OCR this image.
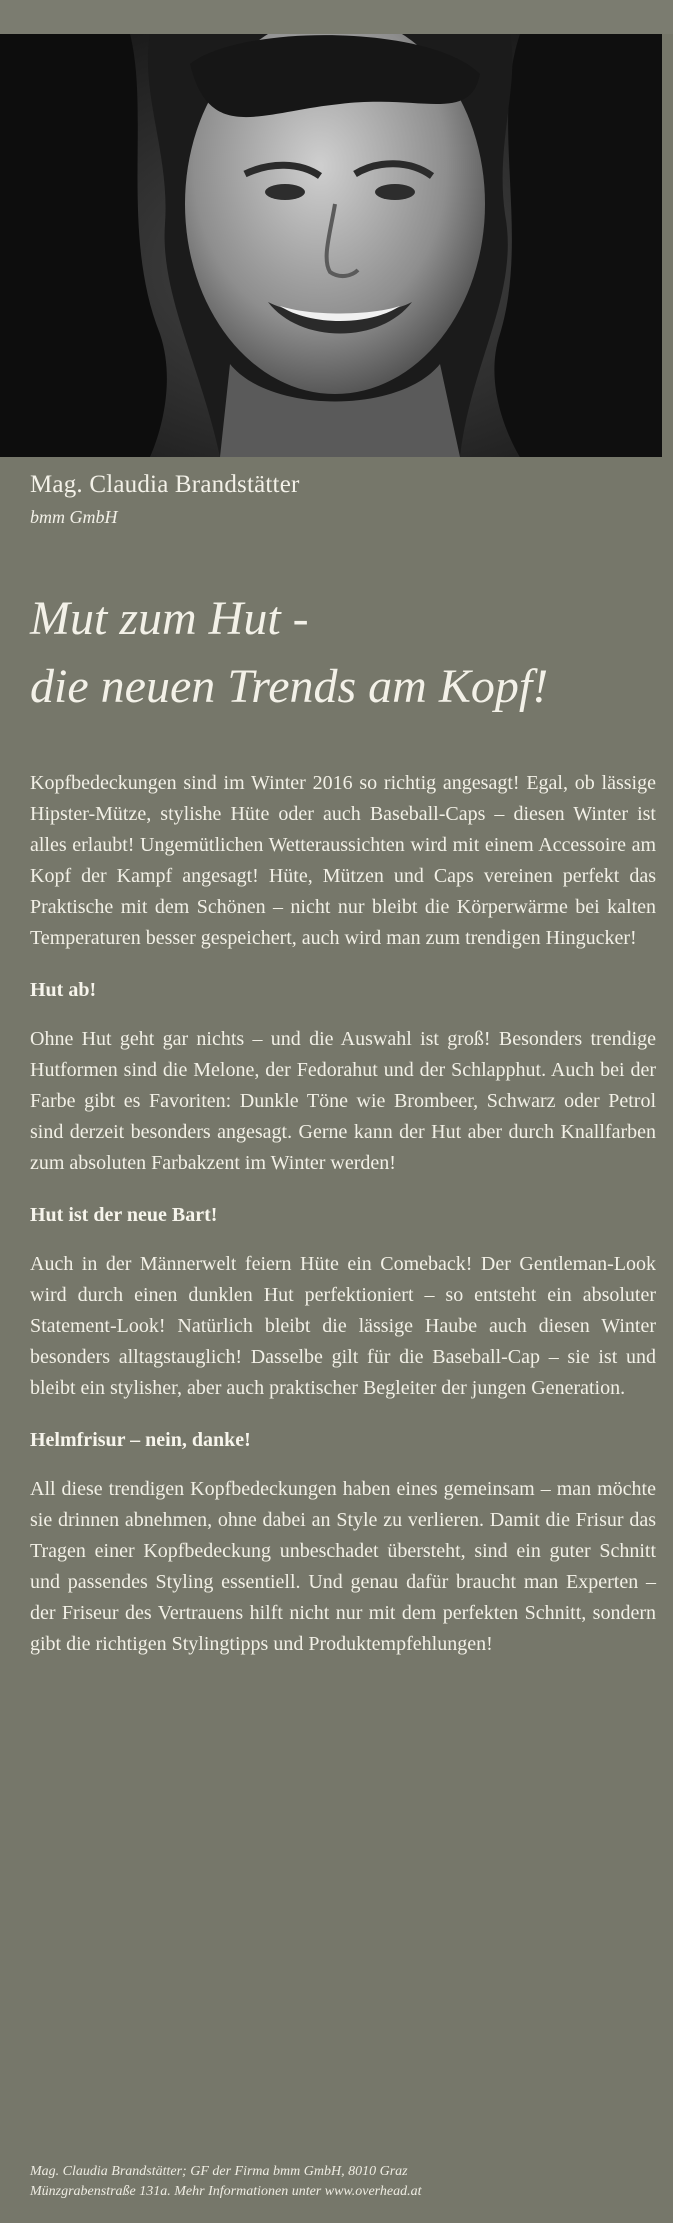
Mag. Claudia Brandstätter
bmm GmbH
Mut zum Hut -
die neuen Trends am Kopf!

Kopfbedeckungen sind im Winter 2016 so richtig angesagt! Egal, ob lässige Hipster-Mütze, stylishe Hüte oder auch Baseball-Caps – diesen Winter ist alles erlaubt! Ungemütlichen Wetteraussichten wird mit einem Accessoire am Kopf der Kampf angesagt! Hüte, Mützen und Caps vereinen perfekt das Praktische mit dem Schönen – nicht nur bleibt die Körperwärme bei kalten Temperaturen besser gespeichert, auch wird man zum trendigen Hingucker!

Hut ab!

Ohne Hut geht gar nichts – und die Auswahl ist groß! Besonders trendige Hutformen sind die Melone, der Fedorahut und der Schlapphut. Auch bei der Farbe gibt es Favoriten: Dunkle Töne wie Brombeer, Schwarz oder Petrol sind derzeit besonders angesagt. Gerne kann der Hut aber durch Knallfarben zum absoluten Farbakzent im Winter werden!

Hut ist der neue Bart!

Auch in der Männerwelt feiern Hüte ein Comeback! Der Gentleman-Look wird durch einen dunklen Hut perfektioniert – so entsteht ein absoluter Statement-Look! Natürlich bleibt die lässige Haube auch diesen Winter besonders alltagstauglich! Dasselbe gilt für die Baseball-Cap – sie ist und bleibt ein stylisher, aber auch praktischer Begleiter der jungen Generation.

Helmfrisur – nein, danke!

All diese trendigen Kopfbedeckungen haben eines gemeinsam – man möchte sie drinnen abnehmen, ohne dabei an Style zu verlieren. Damit die Frisur das Tragen einer Kopfbedeckung unbeschadet übersteht, sind ein guter Schnitt und passendes Styling essentiell. Und genau dafür braucht man Experten – der Friseur des Vertrauens hilft nicht nur mit dem perfekten Schnitt, sondern gibt die richtigen Stylingtipps und Produktempfehlungen!

Mag. Claudia Brandstätter; GF der Firma bmm GmbH, 8010 Graz
Münzgrabenstraße 131a. Mehr Informationen unter www.overhead.at
